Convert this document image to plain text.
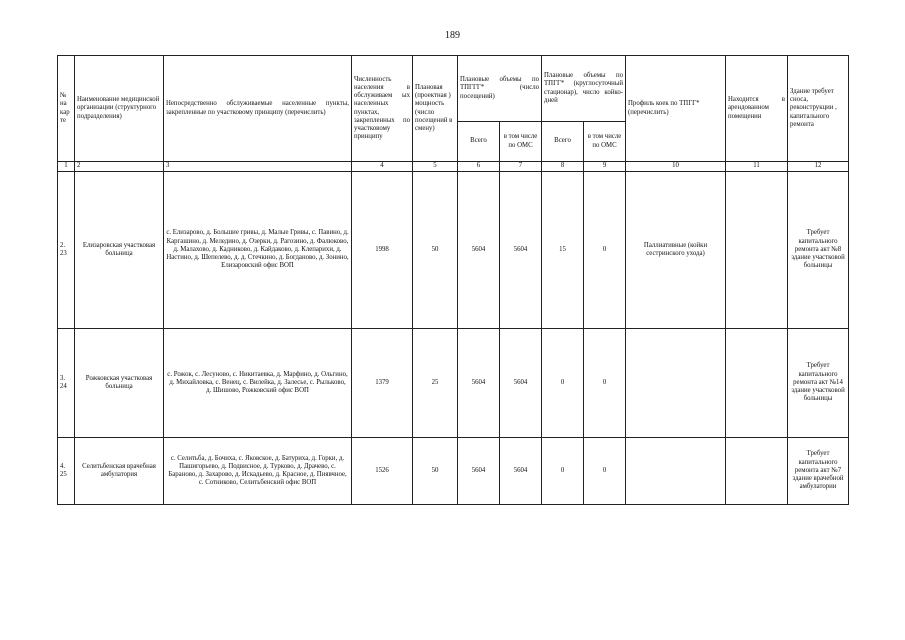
189
№ на кар те	Наименование медицинской организации (структурного подразделения)	Непосредственно обслуживаемые населенные пункты, закрепленные по участковому принципу (перечислить)	Численность населения в обслуживаем ых населенных пунктах, закрепленных по участковому принципу	Плановая (проектная ) мощность (число посещений в смену)	Плановые объемы по ТПГГГ* (число посещений)		Плановые объемы по ТПГГ* (круглосуточный стационар), число койко-дней		Профиль коек по ТПГГ* (перечислить)	Находится в арендованном помещении	Здание требует сноса, реконструкции , капитального ремонта
					Всего	в том числе по ОМС	Всего	в том числе по ОМС			
1	2	3	4	5	6	7	8	9	10	11	12
2. 23	Елизаровская участковая больница	с. Елизарово, д. Большие гривы, д. Малые Гривы, с. Павино, д. Каргашино, д. Меледино, д. Озерки, д. Рагозино, д. Фалюково, д. Малахово, д. Кадниково, д. Кайдаково, д. Клепарихи, д. Настино, д. Шепелево, д. д. Стечкино, д. Богданово, д. Зонино, Елизаровский офис ВОП	1998	50	5604	5604	15	0	Паллиативные (койки сестринского ухода)		Требует капитального ремонта акт №8 здание участковой больницы
3. 24	Рожковская участковая больница	с. Рожок, с. Лесуново, с. Никитаевка, д. Марфино, д. Ольгино, д. Михайловка, с. Венец, с. Вилейка, д. Залесье, с. Рыльково, д. Шишово, Рожковский офис ВОП	1379	25	5604	5604	0	0			Требует капитального ремонта акт №14 здание участковой больницы
4. 25	Селитьбенская врачебная амбулатория	с. Селитьба, д. Бочиха, с. Яковское, д. Батуриха, д. Горки, д. Пашигорьево, д. Подвисное, д. Турково, д. Драчево, с. Бараново, д. Захарово, д. Искадьево, д. Красное, д. Пиявчное, с. Сотниково, Селитьбенский офис ВОП	1526	50	5604	5604	0	0			Требует капитального ремонта акт №7 здание врачебной амбулатории
